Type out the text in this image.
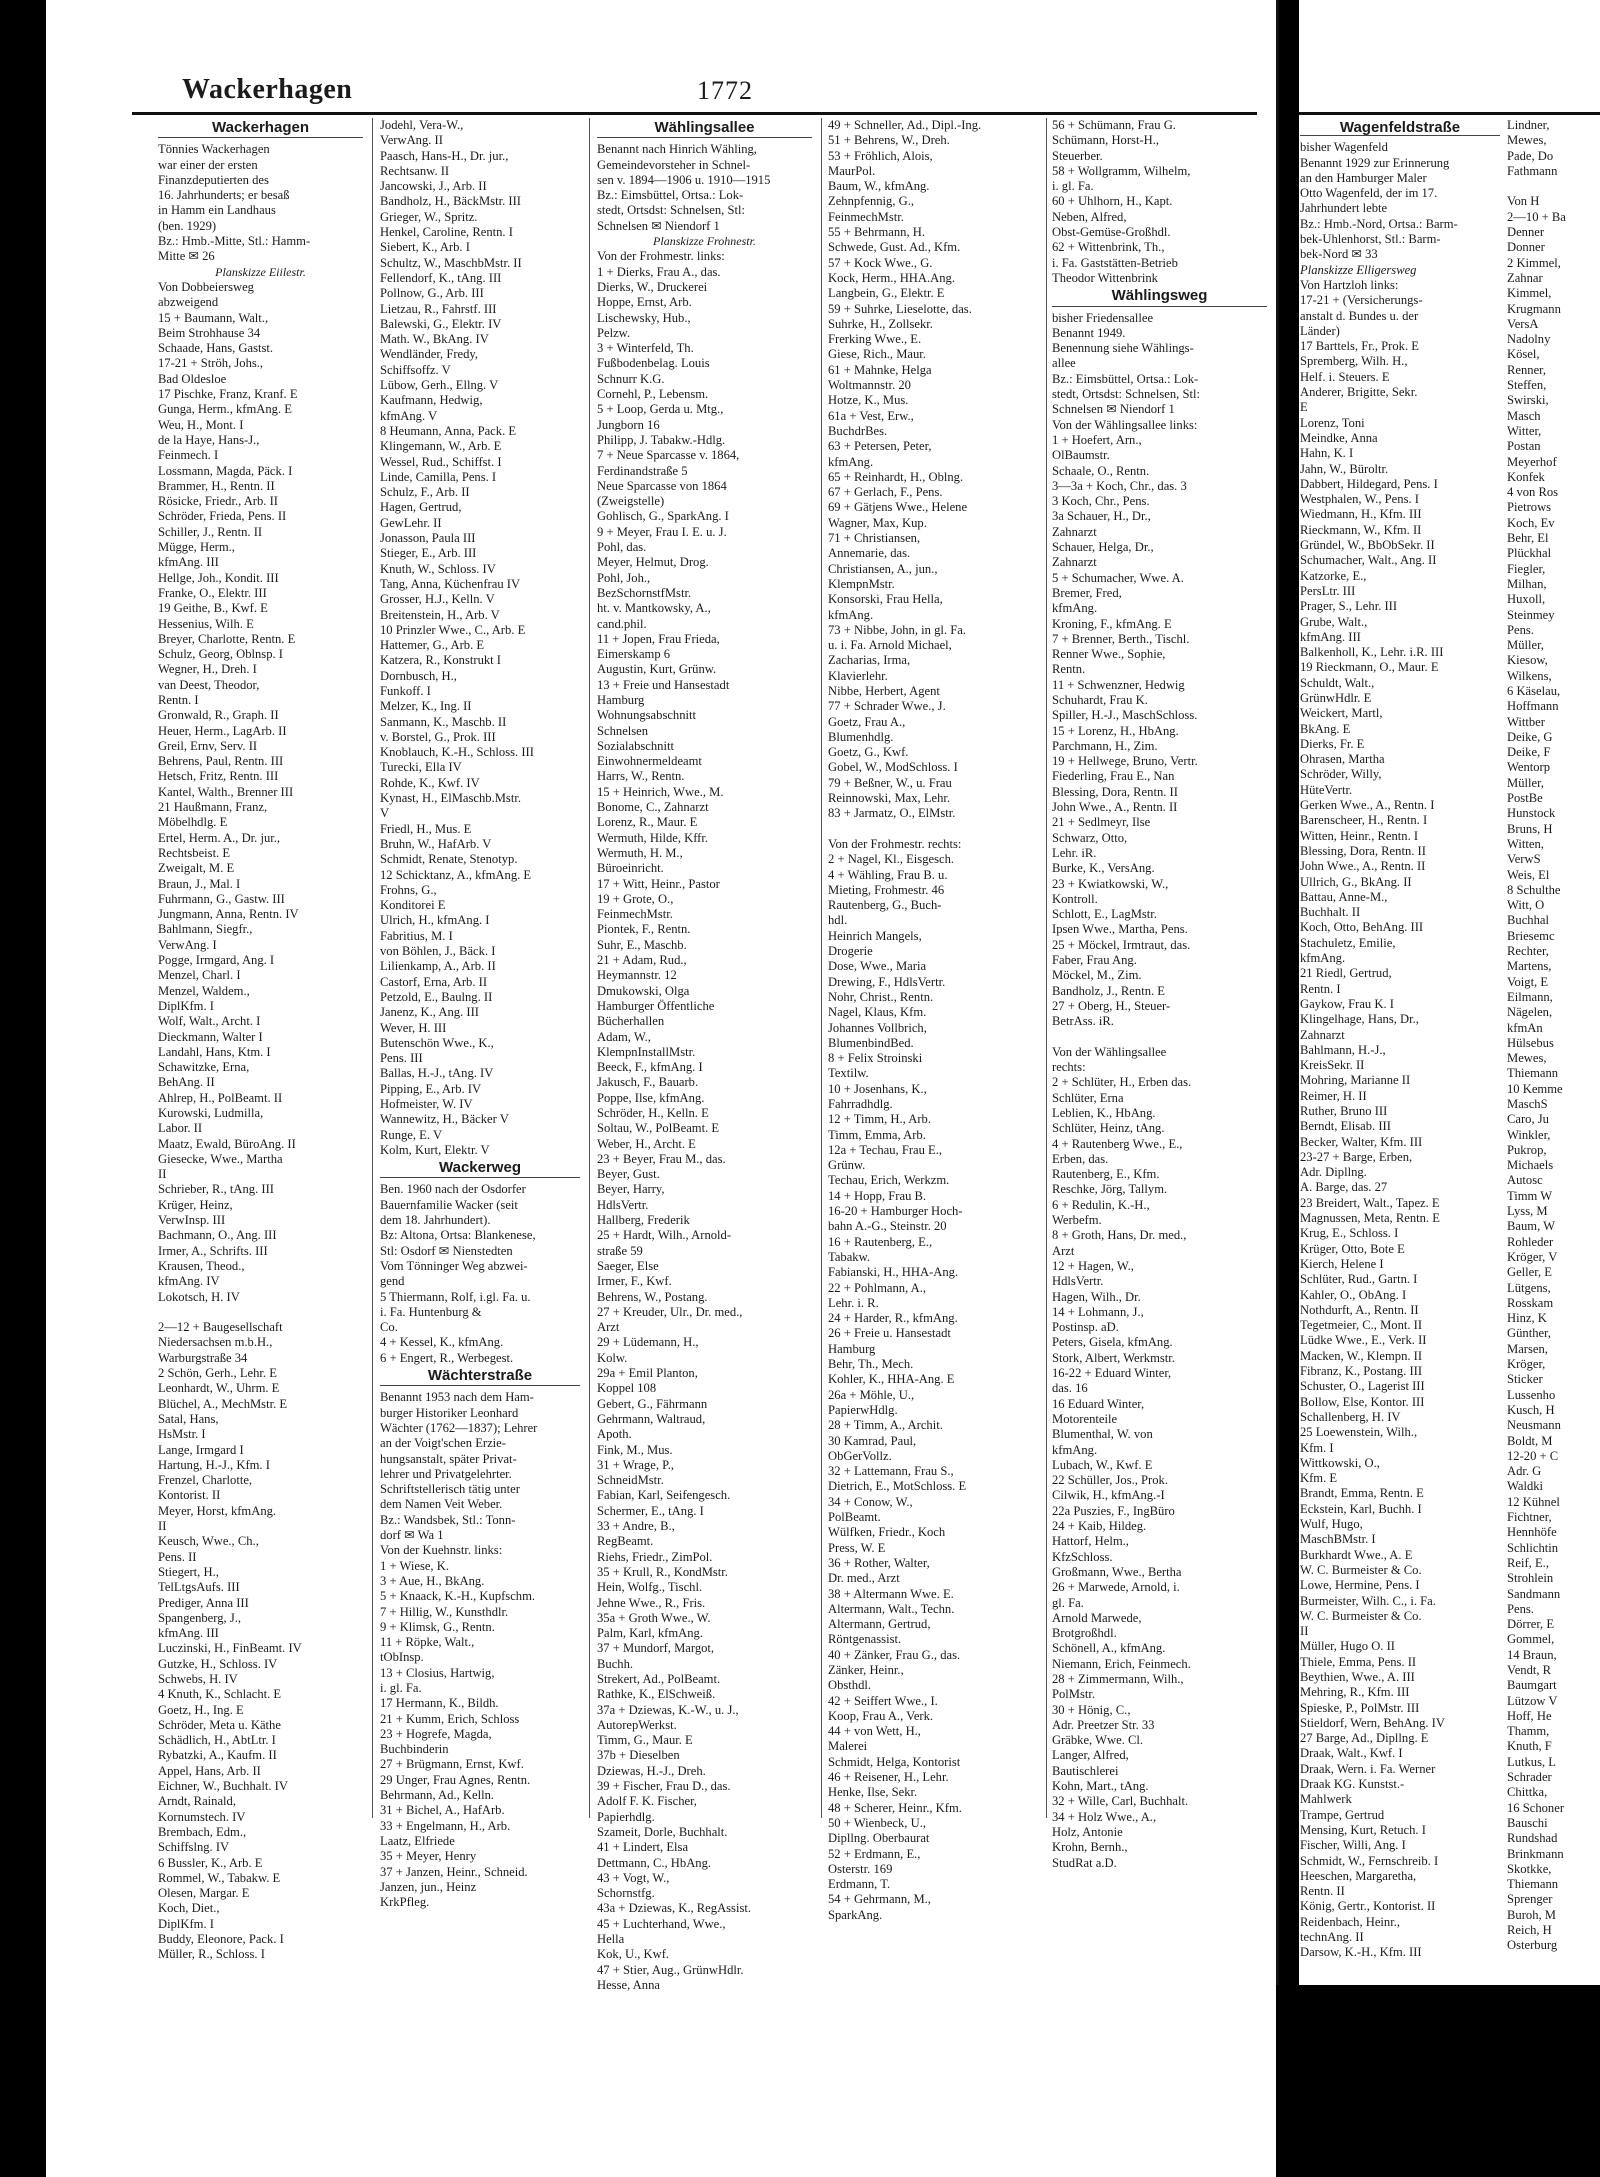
Wagenfeldstraße
bisher Wagenfeld
Benannt 1929 zur Erinnerung
an den Hamburger Maler
Otto Wagenfeld, der im 17.
Jahrhundert lebte
Bz.: Hmb.-Nord, Ortsa.: Barm-
bek-Uhlenhorst, Stl.: Barm-
bek-Nord ✉ 33
Planskizze Elligersweg
Von Hartzloh links:
17-21 + (Versicherungs-
anstalt d. Bundes u. der
Länder)
17 Barttels, Fr., Prok. E
Spremberg, Wilh. H.,
Helf. i. Steuers. E
Anderer, Brigitte, Sekr.
E
Lorenz, Toni
Meindke, Anna
Hahn, K. I
Jahn, W., Büroltr.
Dabbert, Hildegard, Pens. I
Westphalen, W., Pens. I
Wiedmann, H., Kfm. III
Rieckmann, W., Kfm. II
Gründel, W., BbObSekr. II
Schumacher, Walt., Ang. II
Katzorke, E.,
PersLtr. III
Prager, S., Lehr. III
Grube, Walt.,
kfmAng. III
Balkenholl, K., Lehr. i.R. III
19 Rieckmann, O., Maur. E
Schuldt, Walt.,
GrünwHdlr. E
Weickert, Martl,
BkAng. E
Dierks, Fr. E
Ohrasen, Martha
Schröder, Willy,
HüteVertr.
Gerken Wwe., A., Rentn. I
Barenscheer, H., Rentn. I
Witten, Heinr., Rentn. I
Blessing, Dora, Rentn. II
John Wwe., A., Rentn. II
Ullrich, G., BkAng. II
Battau, Anne-M.,
Buchhalt. II
Koch, Otto, BehAng. III
Stachuletz, Emilie,
kfmAng.
21 Riedl, Gertrud,
Rentn. I
Gaykow, Frau K. I
Klingelhage, Hans, Dr.,
Zahnarzt
Bahlmann, H.-J.,
KreisSekr. II
Mohring, Marianne II
Reimer, H. II
Ruther, Bruno III
Berndt, Elisab. III
Becker, Walter, Kfm. III
23-27 + Barge, Erben,
Adr. Dipllng.
A. Barge, das. 27
23 Breidert, Walt., Tapez. E
Magnussen, Meta, Rentn. E
Krug, E., Schloss. I
Krüger, Otto, Bote E
Kierch, Helene I
Schlüter, Rud., Gartn. I
Kahler, O., ObAng. I
Nothdurft, A., Rentn. II
Tegetmeier, C., Mont. II
Lüdke Wwe., E., Verk. II
Macken, W., Klempn. II
Fibranz, K., Postang. III
Schuster, O., Lagerist III
Bollow, Else, Kontor. III
Schallenberg, H. IV
25 Loewenstein, Wilh.,
Kfm. I
Wittkowski, O.,
Kfm. E
Brandt, Emma, Rentn. E
Eckstein, Karl, Buchh. I
Wulf, Hugo,
MaschBMstr. I
Burkhardt Wwe., A. E
W. C. Burmeister & Co.
Lowe, Hermine, Pens. I
Burmeister, Wilh. C., i. Fa.
W. C. Burmeister & Co.
II
Müller, Hugo O. II
Thiele, Emma, Pens. II
Beythien, Wwe., A. III
Mehring, R., Kfm. III
Spieske, P., PolMstr. III
Stieldorf, Wern, BehAng. IV
27 Barge, Ad., Dipllng. E
Draak, Walt., Kwf. I
Draak, Wern. i. Fa. Werner
Draak KG. Kunstst.-
Mahlwerk
Trampe, Gertrud
Mensing, Kurt, Retuch. I
Fischer, Willi, Ang. I
Schmidt, W., Fernschreib. I
Heeschen, Margaretha,
Rentn. II
König, Gertr., Kontorist. II
Reidenbach, Heinr.,
technAng. II
Darsow, K.-H., Kfm. III
Lindner,
Mewes,
Pade, Do
Fathmann

Von H
2—10 + Ba
Denner
Donner
2 Kimmel,
Zahnar
Kimmel,
Krugmann
VersA
Nadolny
Kösel,
Renner,
Steffen,
Swirski,
Masch
Witter,
Postan
Meyerhof
Konfek
4 von Ros
Pietrows
Koch, Ev
Behr, El
Plückhal
Fiegler,
Milhan,
Huxoll,
Steinmey
Pens.
Müller,
Kiesow,
Wilkens,
6 Käselau,
Hoffmann
Wittber
Deike, G
Deike, F
Wentorp
Müller,
PostBe
Hunstock
Bruns, H
Witten,
VerwS
Weis, El
8 Schulthe
Witt, O
Buchhal
Briesemc
Rechter,
Martens,
Voigt, E
Eilmann,
Nägelen,
kfmAn
Hülsebus
Mewes,
Thiemann
10 Kemme
MaschS
Caro, Ju
Winkler,
Pukrop,
Michaels
Autosc
Timm W
Lyss, M
Baum, W
Rohleder
Kröger, V
Geller, E
Lütgens,
Rosskam
Hinz, K
Günther,
Marsen,
Kröger,
Sticker
Lussenho
Kusch, H
Neusmann
Boldt, M
12-20 + C
Adr. G
Waldki
12 Kühnel
Fichtner,
Hennhöfe
Schlichtin
Reif, E.,
Strohlein
Sandmann
Pens.
Dörrer, E
Gommel,
14 Braun,
Vendt, R
Baumgart
Lützow V
Hoff, He
Thamm,
Knuth, F
Lutkus, L
Schrader
Chittka,
16 Schoner
Bauschi
Rundshad
Brinkmann
Skotkke,
Thiemann
Sprenger
Buroh, M
Reich, H
Osterburg
Wackerhagen	1772
Wackerhagen
Tönnies Wackerhagen
war einer der ersten
Finanzdeputierten des
16. Jahrhunderts; er besaß
in Hamm ein Landhaus
(ben. 1929)
Bz.: Hmb.-Mitte, Stl.: Hamm-
Mitte ✉ 26
Planskizze Eiilestr.
Von Dobbeiersweg
abzweigend
15 + Baumann, Walt.,
Beim Strohhause 34
Schaade, Hans, Gastst.
17-21 + Ströh, Johs.,
Bad Oldesloe
17 Pischke, Franz, Kranf. E
Gunga, Herm., kfmAng. E
Weu, H., Mont. I
de la Haye, Hans-J.,
Feinmech. I
Lossmann, Magda, Päck. I
Brammer, H., Rentn. II
Rösicke, Friedr., Arb. II
Schröder, Frieda, Pens. II
Schiller, J., Rentn. II
Mügge, Herm.,
kfmAng. III
Hellge, Joh., Kondit. III
Franke, O., Elektr. III
19 Geithe, B., Kwf. E
Hessenius, Wilh. E
Breyer, Charlotte, Rentn. E
Schulz, Georg, Oblnsp. I
Wegner, H., Dreh. I
van Deest, Theodor,
Rentn. I
Gronwald, R., Graph. II
Heuer, Herm., LagArb. II
Greil, Ernv, Serv. II
Behrens, Paul, Rentn. III
Hetsch, Fritz, Rentn. III
Kantel, Walth., Brenner III
21 Haußmann, Franz,
Möbelhdlg. E
Ertel, Herm. A., Dr. jur.,
Rechtsbeist. E
Zweigalt, M. E
Braun, J., Mal. I
Fuhrmann, G., Gastw. III
Jungmann, Anna, Rentn. IV
Bahlmann, Siegfr.,
VerwAng. I
Pogge, Irmgard, Ang. I
Menzel, Charl. I
Menzel, Waldem.,
DiplKfm. I
Wolf, Walt., Archt. I
Dieckmann, Walter I
Landahl, Hans, Ktm. I
Schawitzke, Erna,
BehAng. II
Ahlrep, H., PolBeamt. II
Kurowski, Ludmilla,
Labor. II
Maatz, Ewald, BüroAng. II
Giesecke, Wwe., Martha
II
Schrieber, R., tAng. III
Krüger, Heinz,
VerwInsp. III
Bachmann, O., Ang. III
Irmer, A., Schrifts. III
Krausen, Theod.,
kfmAng. IV
Lokotsch, H. IV

2—12 + Baugesellschaft
Niedersachsen m.b.H.,
Warburgstraße 34
2 Schön, Gerh., Lehr. E
Leonhardt, W., Uhrm. E
Blüchel, A., MechMstr. E
Satal, Hans,
HsMstr. I
Lange, Irmgard I
Hartung, H.-J., Kfm. I
Frenzel, Charlotte,
Kontorist. II
Meyer, Horst, kfmAng.
II
Keusch, Wwe., Ch.,
Pens. II
Stiegert, H.,
TelLtgsAufs. III
Prediger, Anna III
Spangenberg, J.,
kfmAng. III
Luczinski, H., FinBeamt. IV
Gutzke, H., Schloss. IV
Schwebs, H. IV
4 Knuth, K., Schlacht. E
Goetz, H., Ing. E
Schröder, Meta u. Käthe
Schädlich, H., AbtLtr. I
Rybatzki, A., Kaufm. II
Appel, Hans, Arb. II
Eichner, W., Buchhalt. IV
Arndt, Rainald,
Kornumstech. IV
Brembach, Edm.,
Schiffslng. IV
6 Bussler, K., Arb. E
Rommel, W., Tabakw. E
Olesen, Margar. E
Koch, Diet.,
DiplKfm. I
Buddy, Eleonore, Pack. I
Müller, R., Schloss. I
Jodehl, Vera-W.,
VerwAng. II
Paasch, Hans-H., Dr. jur.,
Rechtsanw. II
Jancowski, J., Arb. II
Bandholz, H., BäckMstr. III
Grieger, W., Spritz.
Henkel, Caroline, Rentn. I
Siebert, K., Arb. I
Schultz, W., MaschbMstr. II
Fellendorf, K., tAng. III
Pollnow, G., Arb. III
Lietzau, R., Fahrstf. III
Balewski, G., Elektr. IV
Math. W., BkAng. IV
Wendländer, Fredy,
Schiffsoffz. V
Lübow, Gerh., Ellng. V
Kaufmann, Hedwig,
kfmAng. V
8 Heumann, Anna, Pack. E
Klingemann, W., Arb. E
Wessel, Rud., Schiffst. I
Linde, Camilla, Pens. I
Schulz, F., Arb. II
Hagen, Gertrud,
GewLehr. II
Jonasson, Paula III
Stieger, E., Arb. III
Knuth, W., Schloss. IV
Tang, Anna, Küchenfrau IV
Grosser, H.J., Kelln. V
Breitenstein, H., Arb. V
10 Prinzler Wwe., C., Arb. E
Hattemer, G., Arb. E
Katzera, R., Konstrukt I
Dornbusch, H.,
Funkoff. I
Melzer, K., Ing. II
Sanmann, K., Maschb. II
v. Borstel, G., Prok. III
Knoblauch, K.-H., Schloss. III
Turecki, Ella IV
Rohde, K., Kwf. IV
Kynast, H., ElMaschb.Mstr.
V
Friedl, H., Mus. E
Bruhn, W., HafArb. V
Schmidt, Renate, Stenotyp.
12 Schicktanz, A., kfmAng. E
Frohns, G.,
Konditorei E
Ulrich, H., kfmAng. I
Fabritius, M. I
von Böhlen, J., Bäck. I
Lilienkamp, A., Arb. II
Castorf, Erna, Arb. II
Petzold, E., Baulng. II
Janenz, K., Ang. III
Wever, H. III
Butenschön Wwe., K.,
Pens. III
Ballas, H.-J., tAng. IV
Pipping, E., Arb. IV
Hofmeister, W. IV
Wannewitz, H., Bäcker V
Runge, E. V
Kolm, Kurt, Elektr. V
Wackerweg
Ben. 1960 nach der Osdorfer
Bauernfamilie Wacker (seit
dem 18. Jahrhundert).
Bz: Altona, Ortsa: Blankenese,
Stl: Osdorf ✉ Nienstedten
Vom Tönninger Weg abzwei-
gend
5 Thiermann, Rolf, i.gl. Fa. u.
i. Fa. Huntenburg &
Co.
4 + Kessel, K., kfmAng.
6 + Engert, R., Werbegest.
Wächterstraße
Benannt 1953 nach dem Ham-
burger Historiker Leonhard
Wächter (1762—1837); Lehrer
an der Voigt'schen Erzie-
hungsanstalt, später Privat-
lehrer und Privatgelehrter.
Schriftstellerisch tätig unter
dem Namen Veit Weber.
Bz.: Wandsbek, Stl.: Tonn-
dorf ✉ Wa 1
Von der Kuehnstr. links:
1 + Wiese, K.
3 + Aue, H., BkAng.
5 + Knaack, K.-H., Kupfschm.
7 + Hillig, W., Kunsthdlr.
9 + Klimsk, G., Rentn.
11 + Röpke, Walt.,
tObInsp.
13 + Closius, Hartwig,
i. gl. Fa.
17 Hermann, K., Bildh.
21 + Kumm, Erich, Schloss
23 + Hogrefe, Magda,
Buchbinderin
27 + Brügmann, Ernst, Kwf.
29 Unger, Frau Agnes, Rentn.
Behrmann, Ad., Kelln.
31 + Bichel, A., HafArb.
33 + Engelmann, H., Arb.
Laatz, Elfriede
35 + Meyer, Henry
37 + Janzen, Heinr., Schneid.
Janzen, jun., Heinz
KrkPfleg.
Wählingsallee
Benannt nach Hinrich Wähling,
Gemeindevorsteher in Schnel-
sen v. 1894—1906 u. 1910—1915
Bz.: Eimsbüttel, Ortsa.: Lok-
stedt, Ortsdst: Schnelsen, Stl:
Schnelsen ✉ Niendorf 1
Planskizze Frohnestr.
Von der Frohmestr. links:
1 + Dierks, Frau A., das.
Dierks, W., Druckerei
Hoppe, Ernst, Arb.
Lischewsky, Hub.,
Pelzw.
3 + Winterfeld, Th.
Fußbodenbelag. Louis
Schnurr K.G.
Cornehl, P., Lebensm.
5 + Loop, Gerda u. Mtg.,
Jungborn 16
Philipp, J. Tabakw.-Hdlg.
7 + Neue Sparcasse v. 1864,
Ferdinandstraße 5
Neue Sparcasse von 1864
(Zweigstelle)
Gohlisch, G., SparkAng. I
9 + Meyer, Frau I. E. u. J.
Pohl, das.
Meyer, Helmut, Drog.
Pohl, Joh.,
BezSchornstfMstr.
ht. v. Mantkowsky, A.,
cand.phil.
11 + Jopen, Frau Frieda,
Eimerskamp 6
Augustin, Kurt, Grünw.
13 + Freie und Hansestadt
Hamburg
Wohnungsabschnitt
Schnelsen
Sozialabschnitt
Einwohnermeldeamt
Harrs, W., Rentn.
15 + Heinrich, Wwe., M.
Bonome, C., Zahnarzt
Lorenz, R., Maur. E
Wermuth, Hilde, Kffr.
Wermuth, H. M.,
Büroeinricht.
17 + Witt, Heinr., Pastor
19 + Grote, O.,
FeinmechMstr.
Piontek, F., Rentn.
Suhr, E., Maschb.
21 + Adam, Rud.,
Heymannstr. 12
Dmukowski, Olga
Hamburger Öffentliche
Bücherhallen
Adam, W.,
KlempnInstallMstr.
Beeck, F., kfmAng. I
Jakusch, F., Bauarb.
Poppe, Ilse, kfmAng.
Schröder, H., Kelln. E
Soltau, W., PolBeamt. E
Weber, H., Archt. E
23 + Beyer, Frau M., das.
Beyer, Gust.
Beyer, Harry,
HdlsVertr.
Hallberg, Frederik
25 + Hardt, Wilh., Arnold-
straße 59
Saeger, Else
Irmer, F., Kwf.
Behrens, W., Postang.
27 + Kreuder, Ulr., Dr. med.,
Arzt
29 + Lüdemann, H.,
Kolw.
29a + Emil Planton,
Koppel 108
Gebert, G., Fährmann
Gehrmann, Waltraud,
Apoth.
Fink, M., Mus.
31 + Wrage, P.,
SchneidMstr.
Fabian, Karl, Seifengesch.
Schermer, E., tAng. I
33 + Andre, B.,
RegBeamt.
Riehs, Friedr., ZimPol.
35 + Krull, R., KondMstr.
Hein, Wolfg., Tischl.
Jehne Wwe., R., Fris.
35a + Groth Wwe., W.
Palm, Karl, kfmAng.
37 + Mundorf, Margot,
Buchh.
Strekert, Ad., PolBeamt.
Rathke, K., ElSchweiß.
37a + Dziewas, K.-W., u. J.,
AutorepWerkst.
Timm, G., Maur. E
37b + Dieselben
Dziewas, H.-J., Dreh.
39 + Fischer, Frau D., das.
Adolf F. K. Fischer,
Papierhdlg.
Szameit, Dorle, Buchhalt.
41 + Lindert, Elsa
Dettmann, C., HbAng.
43 + Vogt, W.,
Schornstfg.
43a + Dziewas, K., RegAssist.
45 + Luchterhand, Wwe.,
Hella
Kok, U., Kwf.
47 + Stier, Aug., GrünwHdlr.
Hesse, Anna
49 + Schneller, Ad., Dipl.-Ing.
51 + Behrens, W., Dreh.
53 + Fröhlich, Alois,
MaurPol.
Baum, W., kfmAng.
Zehnpfennig, G.,
FeinmechMstr.
55 + Behrmann, H.
Schwede, Gust. Ad., Kfm.
57 + Kock Wwe., G.
Kock, Herm., HHA.Ang.
Langbein, G., Elektr. E
59 + Suhrke, Lieselotte, das.
Suhrke, H., Zollsekr.
Frerking Wwe., E.
Giese, Rich., Maur.
61 + Mahnke, Helga
Woltmannstr. 20
Hotze, K., Mus.
61a + Vest, Erw.,
BuchdrBes.
63 + Petersen, Peter,
kfmAng.
65 + Reinhardt, H., Oblng.
67 + Gerlach, F., Pens.
69 + Gätjens Wwe., Helene
Wagner, Max, Kup.
71 + Christiansen,
Annemarie, das.
Christiansen, A., jun.,
KlempnMstr.
Konsorski, Frau Hella,
kfmAng.
73 + Nibbe, John, in gl. Fa.
u. i. Fa. Arnold Michael,
Zacharias, Irma,
Klavierlehr.
Nibbe, Herbert, Agent
77 + Schrader Wwe., J.
Goetz, Frau A.,
Blumenhdlg.
Goetz, G., Kwf.
Gobel, W., ModSchloss. I
79 + Beßner, W., u. Frau
Reinnowski, Max, Lehr.
83 + Jarmatz, O., ElMstr.

Von der Frohmestr. rechts:
2 + Nagel, Kl., Eisgesch.
4 + Wähling, Frau B. u.
Mieting, Frohmestr. 46
Rautenberg, G., Buch-
hdl.
Heinrich Mangels,
Drogerie
Dose, Wwe., Maria
Drewing, F., HdlsVertr.
Nohr, Christ., Rentn.
Nagel, Klaus, Kfm.
Johannes Vollbrich,
BlumenbindBed.
8 + Felix Stroinski
Textilw.
10 + Josenhans, K.,
Fahrradhdlg.
12 + Timm, H., Arb.
Timm, Emma, Arb.
12a + Techau, Frau E.,
Grünw.
Techau, Erich, Werkzm.
14 + Hopp, Frau B.
16-20 + Hamburger Hoch-
bahn A.-G., Steinstr. 20
16 + Rautenberg, E.,
Tabakw.
Fabianski, H., HHA-Ang.
22 + Pohlmann, A.,
Lehr. i. R.
24 + Harder, R., kfmAng.
26 + Freie u. Hansestadt
Hamburg
Behr, Th., Mech.
Kohler, K., HHA-Ang. E
26a + Möhle, U.,
PapierwHdlg.
28 + Timm, A., Archit.
30 Kamrad, Paul,
ObGerVollz.
32 + Lattemann, Frau S.,
Dietrich, E., MotSchloss. E
34 + Conow, W.,
PolBeamt.
Wülfken, Friedr., Koch
Press, W. E
36 + Rother, Walter,
Dr. med., Arzt
38 + Altermann Wwe. E.
Altermann, Walt., Techn.
Altermann, Gertrud,
Röntgenassist.
40 + Zänker, Frau G., das.
Zänker, Heinr.,
Obsthdl.
42 + Seiffert Wwe., I.
Koop, Frau A., Verk.
44 + von Wett, H.,
Malerei
Schmidt, Helga, Kontorist
46 + Reisener, H., Lehr.
Henke, Ilse, Sekr.
48 + Scherer, Heinr., Kfm.
50 + Wienbeck, U.,
Dipllng. Oberbaurat
52 + Erdmann, E.,
Osterstr. 169
Erdmann, T.
54 + Gehrmann, M.,
SparkAng.
56 + Schümann, Frau G.
Schümann, Horst-H.,
Steuerber.
58 + Wollgramm, Wilhelm,
i. gl. Fa.
60 + Uhlhorn, H., Kapt.
Neben, Alfred,
Obst-Gemüse-Großhdl.
62 + Wittenbrink, Th.,
i. Fa. Gaststätten-Betrieb
Theodor Wittenbrink
Wählingsweg
bisher Friedensallee
Benannt 1949.
Benennung siehe Wählings-
allee
Bz.: Eimsbüttel, Ortsa.: Lok-
stedt, Ortsdst: Schnelsen, Stl:
Schnelsen ✉ Niendorf 1
Von der Wählingsallee links:
1 + Hoefert, Arn.,
OlBaumstr.
Schaale, O., Rentn.
3—3a + Koch, Chr., das. 3
3 Koch, Chr., Pens.
3a Schauer, H., Dr.,
Zahnarzt
Schauer, Helga, Dr.,
Zahnarzt
5 + Schumacher, Wwe. A.
Bremer, Fred,
kfmAng.
Kroning, F., kfmAng. E
7 + Brenner, Berth., Tischl.
Renner Wwe., Sophie,
Rentn.
11 + Schwenzner, Hedwig
Schuhardt, Frau K.
Spiller, H.-J., MaschSchloss.
15 + Lorenz, H., HbAng.
Parchmann, H., Zim.
19 + Hellwege, Bruno, Vertr.
Fiederling, Frau E., Nan
Blessing, Dora, Rentn. II
John Wwe., A., Rentn. II
21 + Sedlmeyr, Ilse
Schwarz, Otto,
Lehr. iR.
Burke, K., VersAng.
23 + Kwiatkowski, W.,
Kontroll.
Schlott, E., LagMstr.
Ipsen Wwe., Martha, Pens.
25 + Möckel, Irmtraut, das.
Faber, Frau Ang.
Möckel, M., Zim.
Bandholz, J., Rentn. E
27 + Oberg, H., Steuer-
BetrAss. iR.

Von der Wählingsallee
rechts:
2 + Schlüter, H., Erben das.
Schlüter, Erna
Leblien, K., HbAng.
Schlüter, Heinz, tAng.
4 + Rautenberg Wwe., E.,
Erben, das.
Rautenberg, E., Kfm.
Reschke, Jörg, Tallym.
6 + Redulin, K.-H.,
Werbefm.
8 + Groth, Hans, Dr. med.,
Arzt
12 + Hagen, W.,
HdlsVertr.
Hagen, Wilh., Dr.
14 + Lohmann, J.,
Postinsp. aD.
Peters, Gisela, kfmAng.
Stork, Albert, Werkmstr.
16-22 + Eduard Winter,
das. 16
16 Eduard Winter,
Motorenteile
Blumenthal, W. von
kfmAng.
Lubach, W., Kwf. E
22 Schüller, Jos., Prok.
Cilwik, H., kfmAng.-I
22a Puszies, F., IngBüro
24 + Kaib, Hildeg.
Hattorf, Helm.,
KfzSchloss.
Großmann, Wwe., Bertha
26 + Marwede, Arnold, i.
gl. Fa.
Arnold Marwede,
Brotgroßhdl.
Schönell, A., kfmAng.
Niemann, Erich, Feinmech.
28 + Zimmermann, Wilh.,
PolMstr.
30 + Hönig, C.,
Adr. Preetzer Str. 33
Gräbke, Wwe. Cl.
Langer, Alfred,
Bautischlerei
Kohn, Mart., tAng.
32 + Wille, Carl, Buchhalt.
34 + Holz Wwe., A.,
Holz, Antonie
Krohn, Bernh.,
StudRat a.D.
